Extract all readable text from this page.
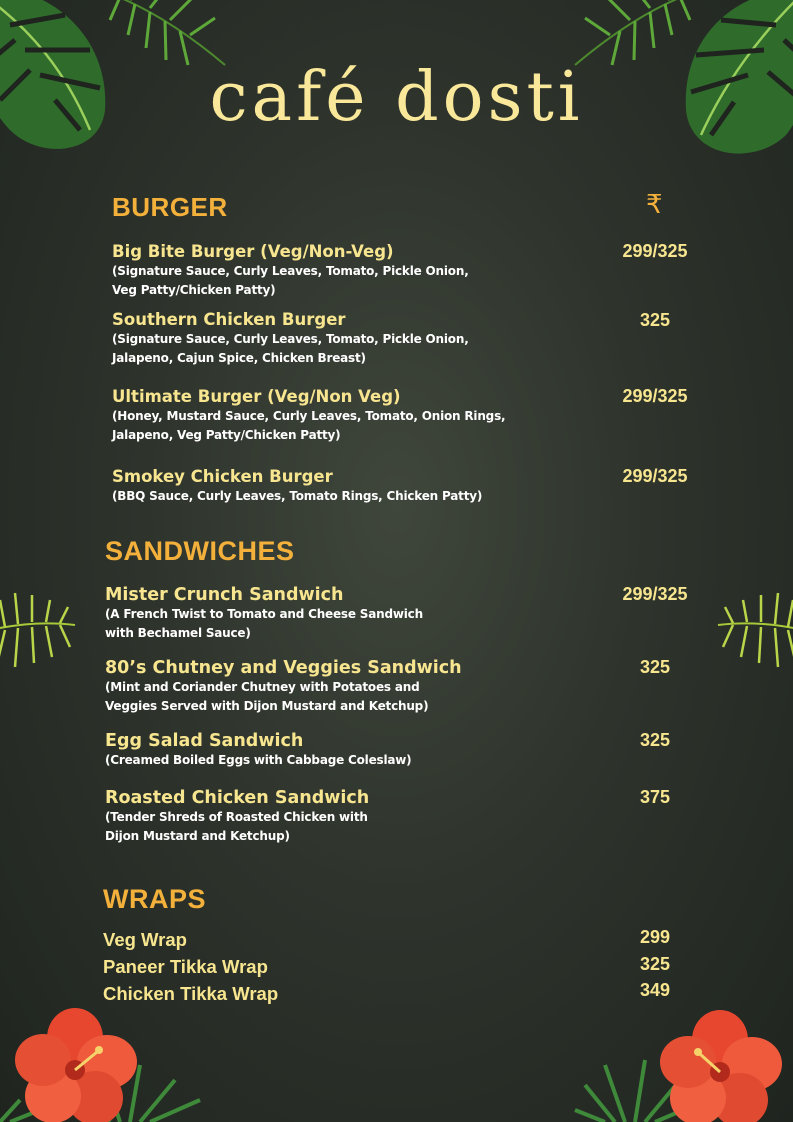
café dosti
BURGER	₹
Big Bite Burger (Veg/Non-Veg)
(Signature Sauce, Curly Leaves, Tomato, Pickle Onion,
Veg Patty/Chicken Patty)
299/325
Southern Chicken Burger
(Signature Sauce, Curly Leaves, Tomato, Pickle Onion,
Jalapeno, Cajun Spice, Chicken Breast)
325
Ultimate Burger (Veg/Non Veg)
(Honey, Mustard Sauce, Curly Leaves, Tomato, Onion Rings,
Jalapeno, Veg Patty/Chicken Patty)
299/325
Smokey Chicken Burger
(BBQ Sauce, Curly Leaves, Tomato Rings, Chicken Patty)
299/325
SANDWICHES
Mister Crunch Sandwich
(A French Twist to Tomato and Cheese Sandwich
with Bechamel Sauce)
299/325
80’s Chutney and Veggies Sandwich
(Mint and Coriander Chutney with Potatoes and
Veggies Served with Dijon Mustard and Ketchup)
325
Egg Salad Sandwich
(Creamed Boiled Eggs with Cabbage Coleslaw)
325
Roasted Chicken Sandwich
(Tender Shreds of Roasted Chicken with
Dijon Mustard and Ketchup)
375
WRAPS
Veg Wrap	299
Paneer Tikka Wrap	325
Chicken Tikka Wrap	349
